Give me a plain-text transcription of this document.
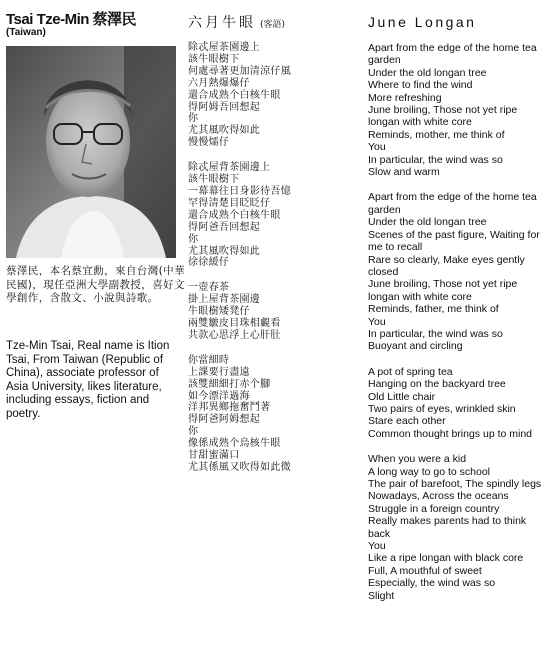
Tsai Tze-Min 蔡澤民
(Taiwan)
蔡澤民，本名蔡宜勳，來自台灣(中華民國)，現任亞洲大學副教授，喜好文學創作，含散文、小說與詩歌。
Tze-Min Tsai, Real name is Ition Tsai, From Taiwan (Republic of China), associate professor of Asia University, likes literature, including essays, fiction and poetry.
六月牛眼 (客語)
除忒屋茶園邊上
該牛眼樹下
何處尋著更加清涼仔風
六月熱爆爆仔
還合成熟个白核牛眼
得阿姆吾回想起
你
尤其風吹得如此
慢慢燸仔
除忒屋背茶園邊上
該牛眼樹下
一幕幕往日身影待吾憶
罕得清楚目眨眨仔
還合成熟个白核牛眼
得阿爸吾回想起
你
尤其風吹得如此
徐徐緩仔
一壺春茶
掛上屋背茶園邊
牛眼樹矮凳仔
兩雙皺皮目珠相覷看
共款心思浮上心肝肚
你當細時
上課要行盡遠
該雙細細打赤个腳
如今漂洋過海
洋邦異鄉拖奮鬥著
得阿爸阿姆想起
你
像係成熟个烏核牛眼
甘甜蜜滿口
尤其係風又吹得如此微
June Longan
Apart from the edge of the home tea garden
Under the old longan tree
Where to find the wind
More refreshing
June broiling, Those not yet ripe longan with white core
Reminds, mother, me think of
You
In particular, the wind was so
Slow and warm
Apart from the edge of the home tea garden
Under the old longan tree
Scenes of the past figure, Waiting for me to recall
Rare so clearly, Make eyes gently closed
June broiling, Those not yet ripe longan with white core
Reminds, father, me think of
You
In particular, the wind was so
Buoyant and circling
A pot of spring tea
Hanging on the backyard tree
Old Little chair
Two pairs of eyes, wrinkled skin
Stare each other
Common thought brings up to mind
When you were a kid
A long way to go to school
The pair of barefoot, The spindly legs
Nowadays, Across the oceans
Struggle in a foreign country
Really makes parents had to think back
You
Like a ripe longan with black core
Full, A mouthful of sweet
Especially, the wind was so
Slight
